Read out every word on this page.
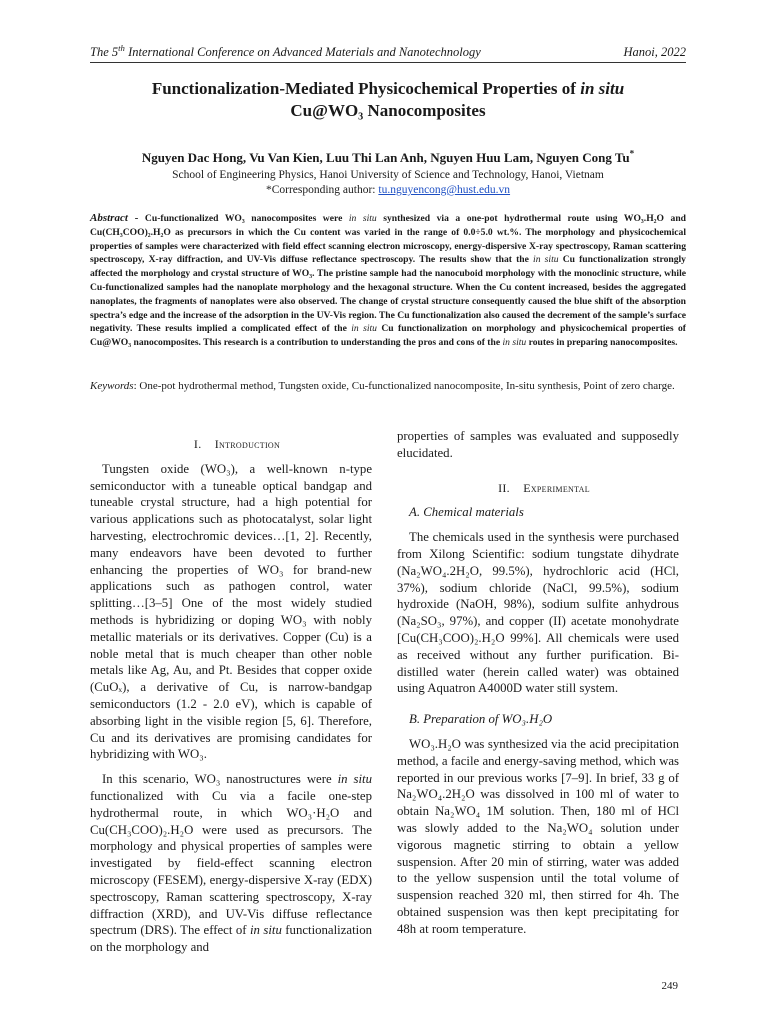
The 5th International Conference on Advanced Materials and Nanotechnology	Hanoi, 2022
Functionalization-Mediated Physicochemical Properties of in situ
Cu@WO₃ Nanocomposites
Nguyen Dac Hong, Vu Van Kien, Luu Thi Lan Anh, Nguyen Huu Lam, Nguyen Cong Tu*
School of Engineering Physics, Hanoi University of Science and Technology, Hanoi, Vietnam
*Corresponding author: tu.nguyencong@hust.edu.vn
Abstract - Cu-functionalized WO₃ nanocomposites were in situ synthesized via a one-pot hydrothermal route using WO₃.H₂O and Cu(CH₃COO)₂.H₂O as precursors in which the Cu content was varied in the range of 0.0÷5.0 wt.%. The morphology and physicochemical properties of samples were characterized with field effect scanning electron microscopy, energy-dispersive X-ray spectroscopy, Raman scattering spectroscopy, X-ray diffraction, and UV-Vis diffuse reflectance spectroscopy. The results show that the in situ Cu functionalization strongly affected the morphology and crystal structure of WO₃. The pristine sample had the nanocuboid morphology with the monoclinic structure, while Cu-functionalized samples had the nanoplate morphology and the hexagonal structure. When the Cu content increased, besides the aggregated nanoplates, the fragments of nanoplates were also observed. The change of crystal structure consequently caused the blue shift of the absorption spectra’s edge and the increase of the adsorption in the UV-Vis region. The Cu functionalization also caused the decrement of the sample’s surface negativity. These results implied a complicated effect of the in situ Cu functionalization on morphology and physicochemical properties of Cu@WO₃ nanocomposites. This research is a contribution to understanding the pros and cons of the in situ routes in preparing nanocomposites.
Keywords: One-pot hydrothermal method, Tungsten oxide, Cu-functionalized nanocomposite, In-situ synthesis, Point of zero charge.

I. Introduction

Tungsten oxide (WO₃), a well-known n-type semiconductor with a tuneable optical bandgap and tuneable crystal structure, had a high potential for various applications such as photocatalyst, solar light harvesting, electrochromic devices…[1, 2]. Recently, many endeavors have been devoted to further enhancing the properties of WO₃ for brand-new applications such as pathogen control, water splitting…[3–5] One of the most widely studied methods is hybridizing or doping WO₃ with nobly metallic materials or its derivatives. Copper (Cu) is a noble metal that is much cheaper than other noble metals like Ag, Au, and Pt. Besides that copper oxide (CuOₓ), a derivative of Cu, is narrow-bandgap semiconductors (1.2 - 2.0 eV), which is capable of absorbing light in the visible region [5, 6]. Therefore, Cu and its derivatives are promising candidates for hybridizing with WO₃.

In this scenario, WO₃ nanostructures were in situ functionalized with Cu via a facile one-step hydrothermal route, in which WO₃·H₂O and Cu(CH₃COO)₂.H₂O were used as precursors. The morphology and physical properties of samples were investigated by field-effect scanning electron microscopy (FESEM), energy-dispersive X-ray (EDX) spectroscopy, Raman scattering spectroscopy, X-ray diffraction (XRD), and UV-Vis diffuse reflectance spectrum (DRS). The effect of in situ functionalization on the morphology and

properties of samples was evaluated and supposedly elucidated.

II. Experimental

A. Chemical materials

The chemicals used in the synthesis were purchased from Xilong Scientific: sodium tungstate dihydrate (Na₂WO₄.2H₂O, 99.5%), hydrochloric acid (HCl, 37%), sodium chloride (NaCl, 99.5%), sodium hydroxide (NaOH, 98%), sodium sulfite anhydrous (Na₂SO₃, 97%), and copper (II) acetate monohydrate [Cu(CH₃COO)₂.H₂O 99%]. All chemicals were used as received without any further purification. Bi-distilled water (herein called water) was obtained using Aquatron A4000D water still system.

B. Preparation of WO₃.H₂O

WO₃.H₂O was synthesized via the acid precipitation method, a facile and energy-saving method, which was reported in our previous works [7–9]. In brief, 33 g of Na₂WO₄.2H₂O was dissolved in 100 ml of water to obtain Na₂WO₄ 1M solution. Then, 180 ml of HCl was slowly added to the Na₂WO₄ solution under vigorous magnetic stirring to obtain a yellow suspension. After 20 min of stirring, water was added to the yellow suspension until the total volume of suspension reached 320 ml, then stirred for 4h. The obtained suspension was then kept precipitating for 48h at room temperature.

249
